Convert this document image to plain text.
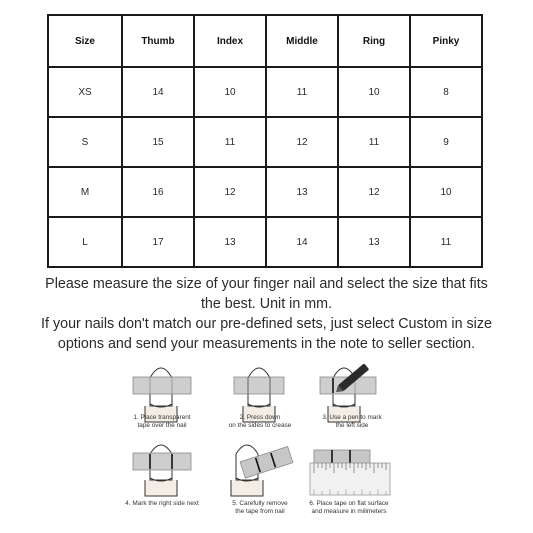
Size	Thumb	Index	Middle	Ring	Pinky
XS	14	10	11	10	8
S	15	11	12	11	9
M	16	12	13	12	10
L	17	13	14	13	11

Please measure the size of your finger nail and select the size that fits the best. Unit in mm.

If your nails don't match our pre-defined sets, just select Custom in size options and send your measurements in the note to seller section.

1. Place transparent
tape over the nail
2. Press down
on the sides to crease
3. Use a pen to mark
the left side
4. Mark the right side next	5. Carefully remove
the tape from nail
6. Place tape on flat surface
and measure in milimeters
